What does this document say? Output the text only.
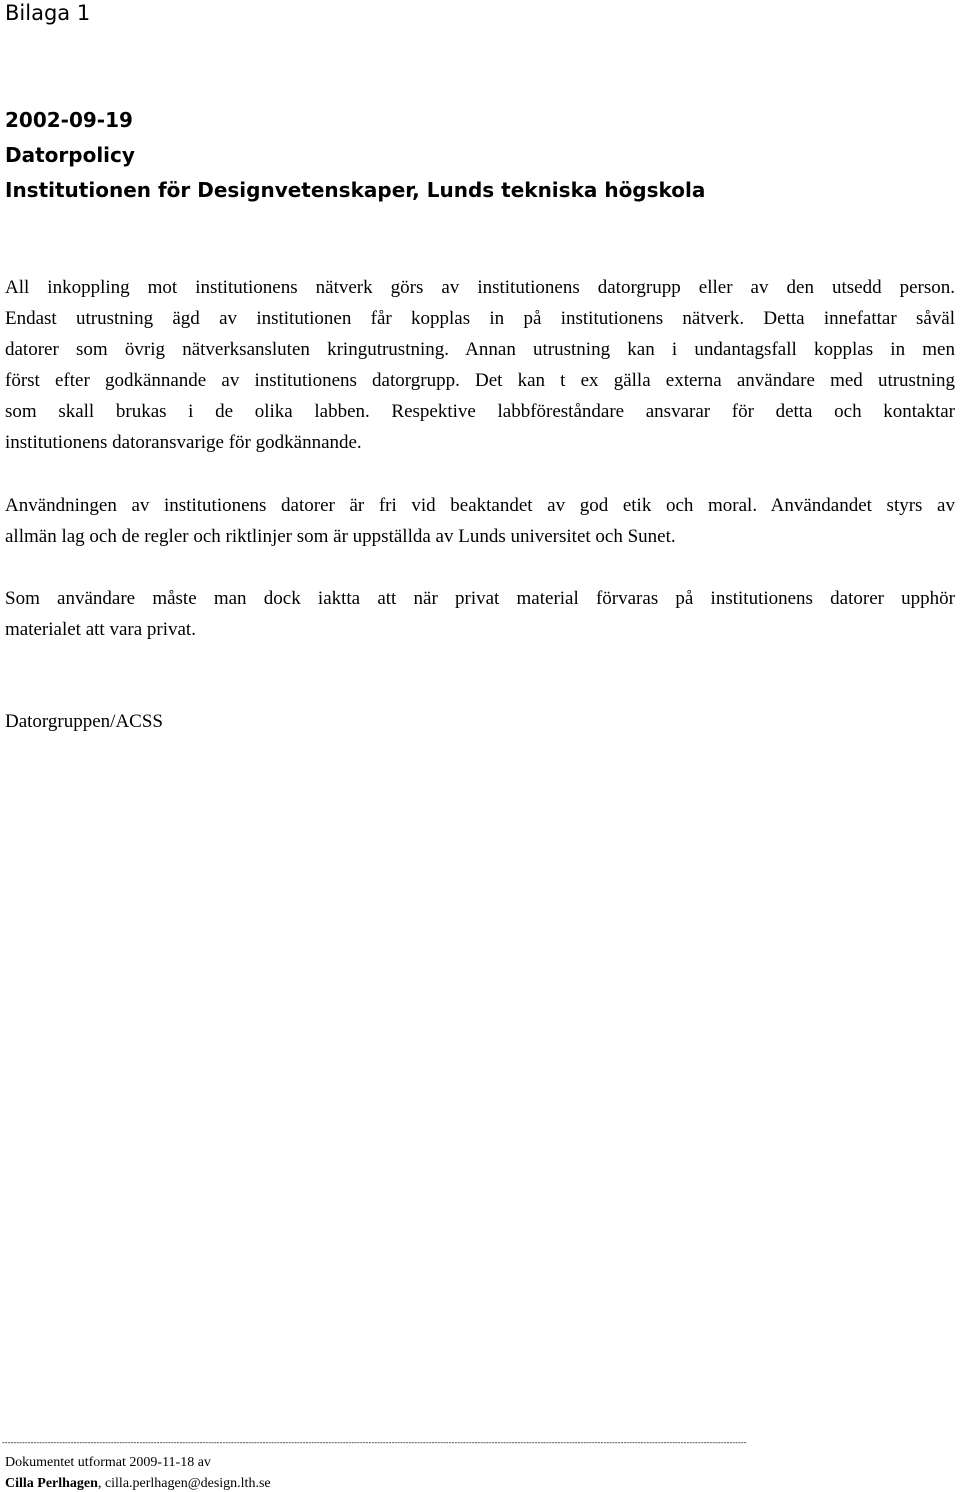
Bilaga 1
2002-09-19
Datorpolicy
Institutionen för Designvetenskaper, Lunds tekniska högskola
All inkoppling mot institutionens nätverk görs av institutionens datorgrupp eller av den utsedd person.
Endast utrustning ägd av institutionen får kopplas in på institutionens nätverk. Detta innefattar såväl
datorer som övrig nätverksansluten kringutrustning. Annan utrustning kan i undantagsfall kopplas in men
först efter godkännande av institutionens datorgrupp. Det kan t ex gälla externa användare med utrustning
som skall brukas i de olika labben. Respektive labbföreståndare ansvarar för detta och kontaktar
institutionens datoransvarige för godkännande.
Användningen av institutionens datorer är fri vid beaktandet av god etik och moral. Användandet styrs av
allmän lag och de regler och riktlinjer som är uppställda av Lunds universitet och Sunet.
Som användare måste man dock iaktta att när privat material förvaras på institutionens datorer upphör
materialet att vara privat.
Datorgruppen/ACSS
--------------------------------------------------------------------------------------------------------------------------------------------------------------------------------------------------------------------------------------------------------------------
Dokumentet utformat 2009-11-18 av
Cilla Perlhagen, cilla.perlhagen@design.lth.se
